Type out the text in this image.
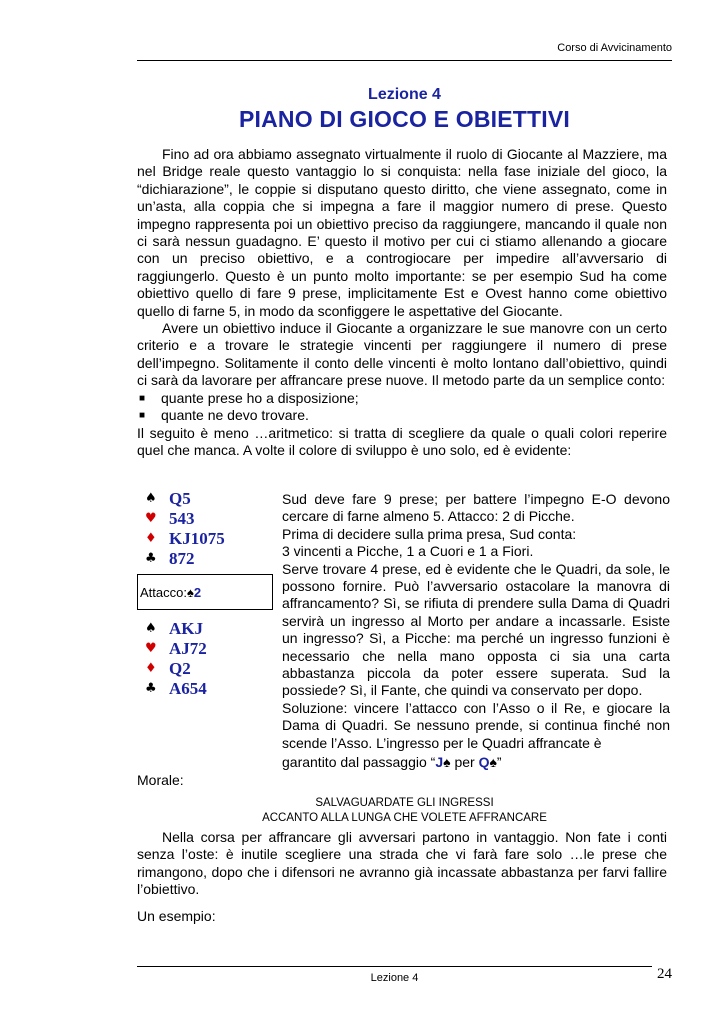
Corso di Avvicinamento
Lezione 4
PIANO DI GIOCO E OBIETTIVI

Fino ad ora abbiamo assegnato virtualmente il ruolo di Giocante al Mazziere, ma nel Bridge reale questo vantaggio lo si conquista: nella fase iniziale del gioco, la “dichiarazione”, le coppie si disputano questo diritto, che viene assegnato, come in un’asta, alla coppia che si impegna a fare il maggior numero di prese. Questo impegno rappresenta poi un obiettivo preciso da raggiungere, mancando il quale non ci sarà nessun guadagno. E’ questo il motivo per cui ci stiamo allenando a giocare con un preciso obiettivo, e a controgiocare per impedire all’avversario di raggiungerlo. Questo è un punto molto importante: se per esempio Sud ha come obiettivo quello di fare 9 prese, implicitamente Est e Ovest hanno come obiettivo quello di farne 5, in modo da sconfiggere le aspettative del Giocante.

Avere un obiettivo induce il Giocante a organizzare le sue manovre con un certo criterio e a trovare le strategie vincenti per raggiungere il numero di prese dell’impegno. Solitamente il conto delle vincenti è molto lontano dall’obiettivo, quindi ci sarà da lavorare per affrancare prese nuove. Il metodo parte da un semplice conto:

■ quante prese ho a disposizione;
■ quante ne devo trovare.

Il seguito è meno …aritmetico: si tratta di scegliere da quale o quali colori reperire quel che manca. A volte il colore di sviluppo è uno solo, ed è evidente:

♠ Q5
♥ 543
♦ KJ1075
♣ 872
Attacco: ♠ 2
♠ AKJ
♥ AJ72
♦ Q2
♣ A654

Sud deve fare 9 prese; per battere l’impegno E-O devono cercare di farne almeno 5. Attacco: 2 di Picche.

Prima di decidere sulla prima presa, Sud conta:

3 vincenti a Picche, 1 a Cuori e 1 a Fiori.

Serve trovare 4 prese, ed è evidente che le Quadri, da sole, le possono fornire. Può l’avversario ostacolare la manovra di affrancamento? Sì, se rifiuta di prendere sulla Dama di Quadri servirà un ingresso al Morto per andare a incassarle. Esiste un ingresso? Sì, a Picche: ma perché un ingresso funzioni è necessario che nella mano opposta ci sia una carta abbastanza piccola da poter essere superata. Sud la possiede? Sì, il Fante, che quindi va conservato per dopo.

Soluzione: vincere l’attacco con l’Asso o il Re, e giocare la Dama di Quadri. Se nessuno prende, si continua finché non scende l’Asso. L’ingresso per le Quadri affrancate è

garantito dal passaggio “J♠ per Q♠”

Morale:
SALVAGUARDATE GLI INGRESSI
ACCANTO ALLA LUNGA CHE VOLETE AFFRANCARE

Nella corsa per affrancare gli avversari partono in vantaggio. Non fate i conti senza l’oste: è inutile scegliere una strada che vi farà fare solo …le prese che rimangono, dopo che i difensori ne avranno già incassate abbastanza per farvi fallire l’obiettivo.

Un esempio:
Lezione 4	24
